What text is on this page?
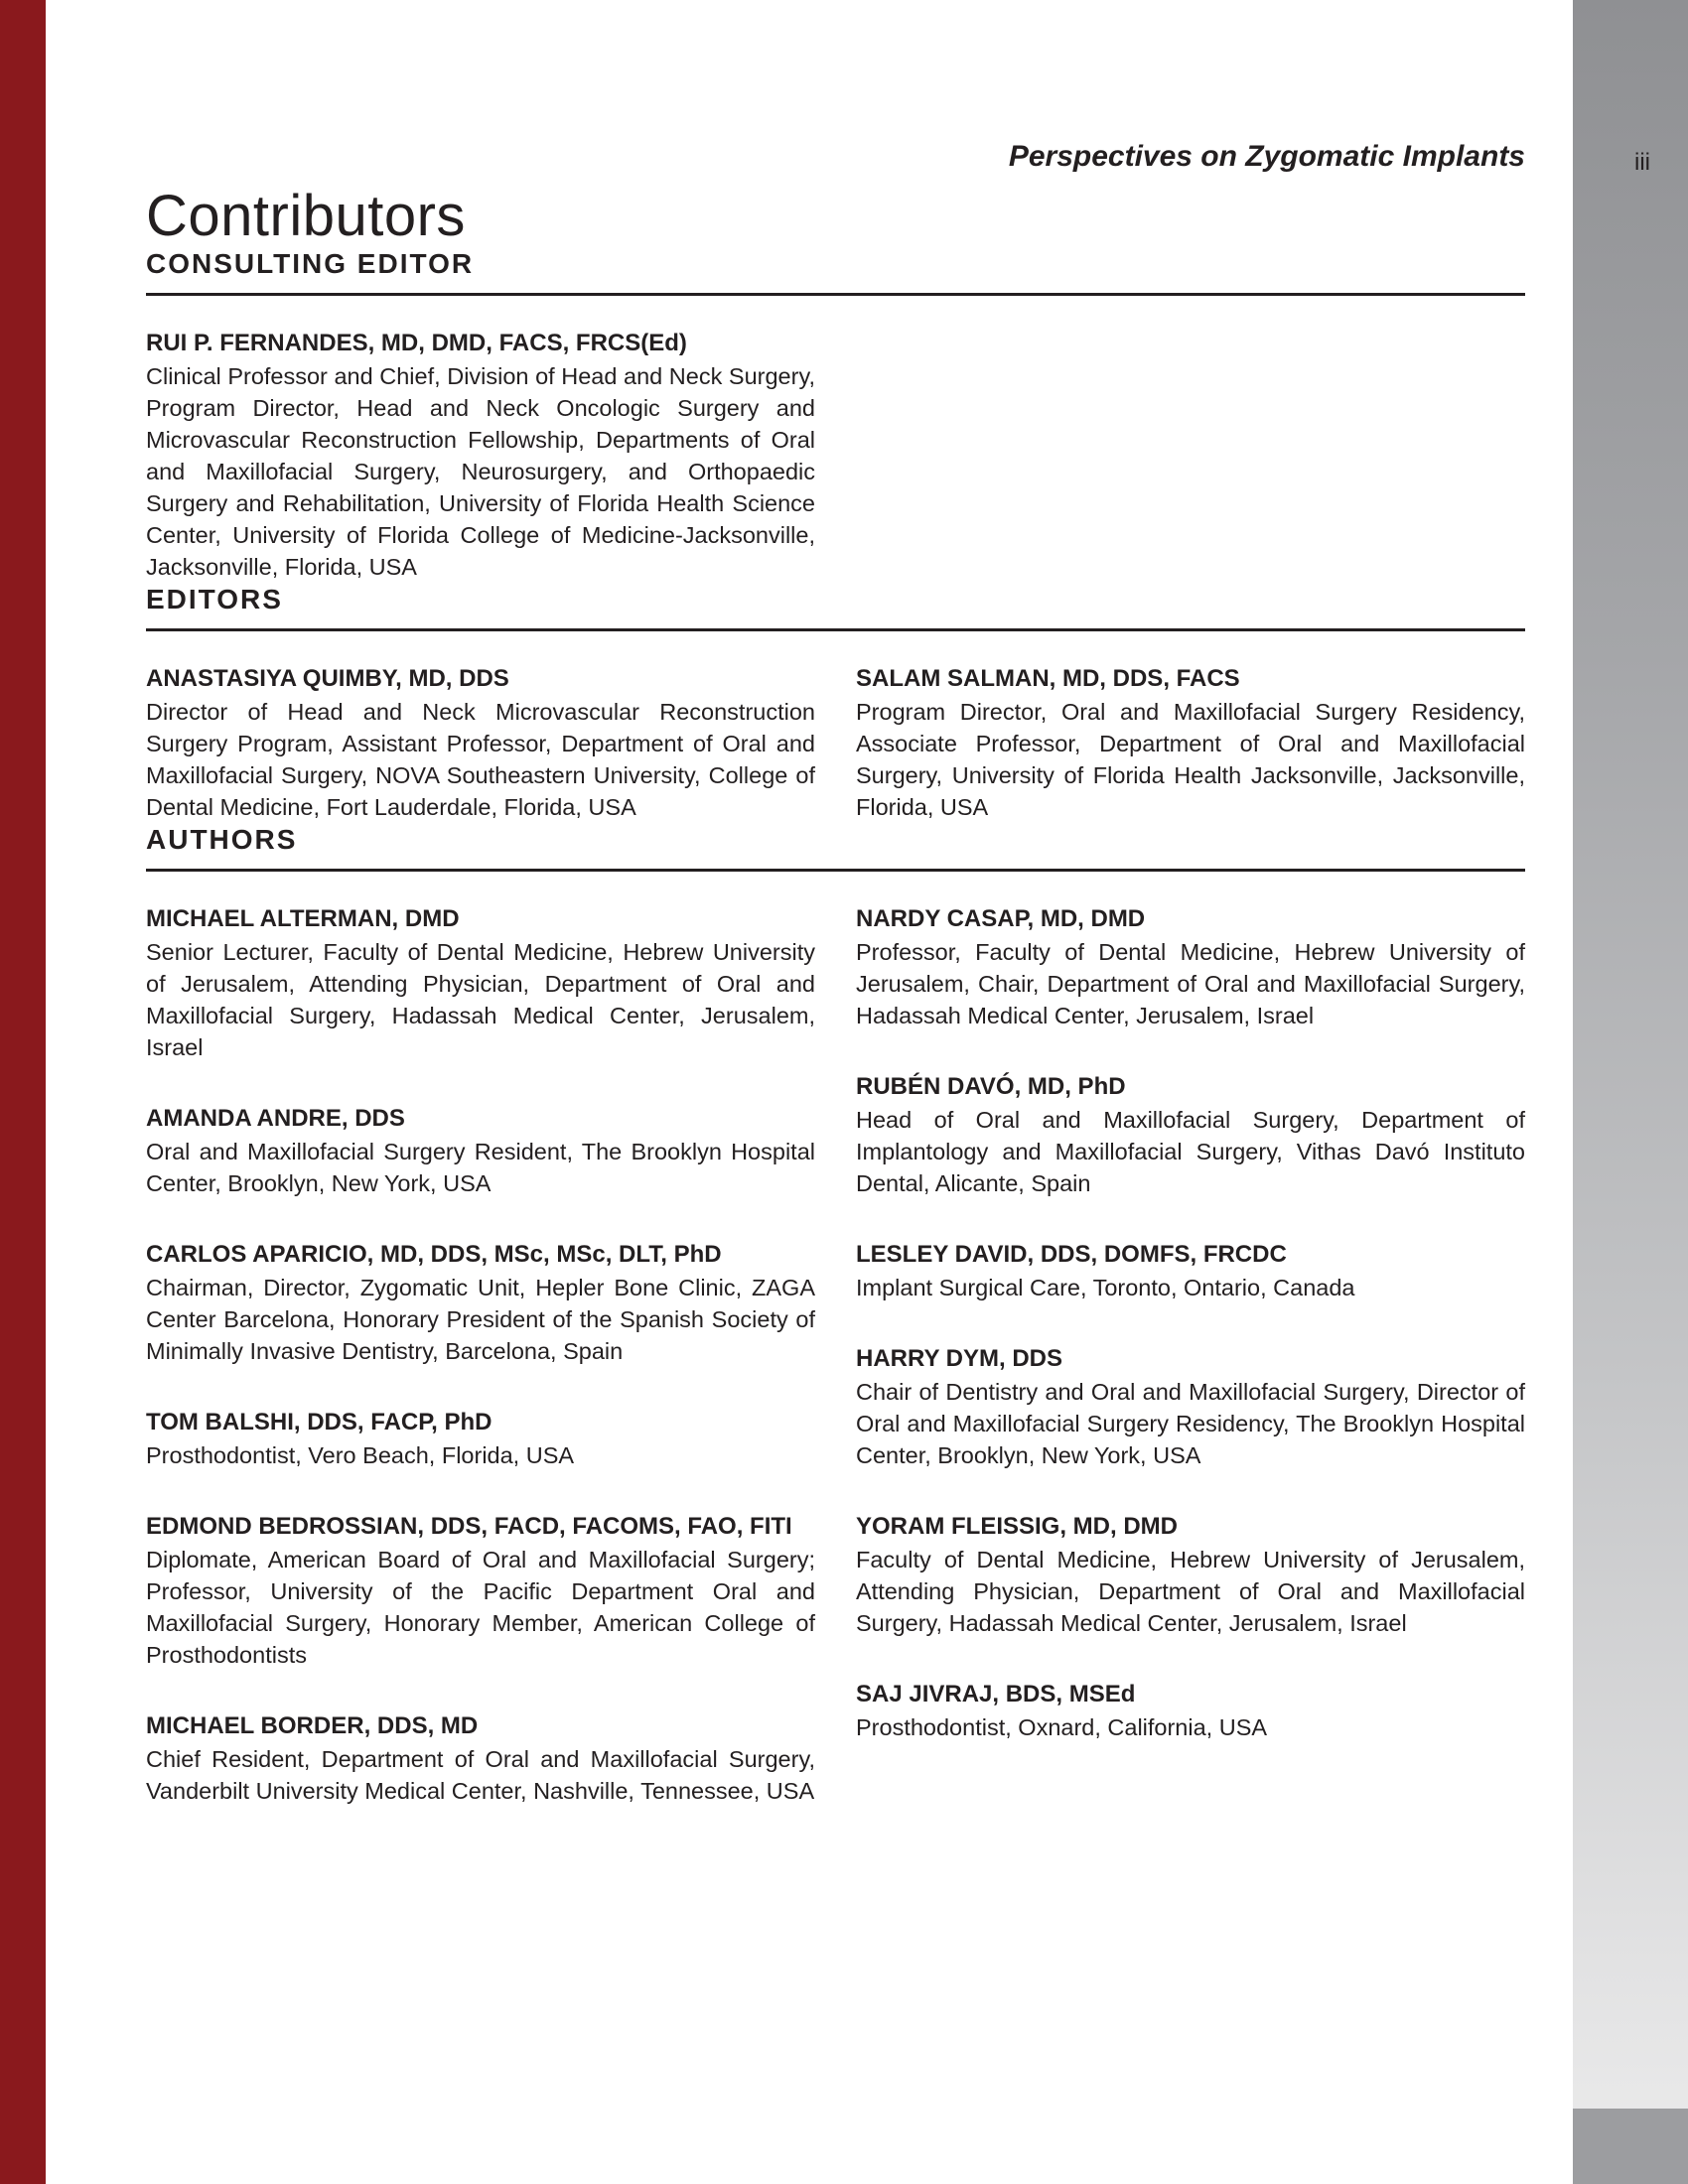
iii
Perspectives on Zygomatic Implants
Contributors
CONSULTING EDITOR
RUI P. FERNANDES, MD, DMD, FACS, FRCS(Ed)
Clinical Professor and Chief, Division of Head and Neck Surgery, Program Director, Head and Neck Oncologic Surgery and Microvascular Reconstruction Fellowship, Departments of Oral and Maxillofacial Surgery, Neurosurgery, and Orthopaedic Surgery and Rehabilitation, University of Florida Health Science Center, University of Florida College of Medicine-Jacksonville, Jacksonville, Florida, USA
EDITORS
ANASTASIYA QUIMBY, MD, DDS
Director of Head and Neck Microvascular Reconstruction Surgery Program, Assistant Professor, Department of Oral and Maxillofacial Surgery, NOVA Southeastern University, College of Dental Medicine, Fort Lauderdale, Florida, USA
SALAM SALMAN, MD, DDS, FACS
Program Director, Oral and Maxillofacial Surgery Residency, Associate Professor, Department of Oral and Maxillofacial Surgery, University of Florida Health Jacksonville, Jacksonville, Florida, USA
AUTHORS
MICHAEL ALTERMAN, DMD
Senior Lecturer, Faculty of Dental Medicine, Hebrew University of Jerusalem, Attending Physician, Department of Oral and Maxillofacial Surgery, Hadassah Medical Center, Jerusalem, Israel
AMANDA ANDRE, DDS
Oral and Maxillofacial Surgery Resident, The Brooklyn Hospital Center, Brooklyn, New York, USA
CARLOS APARICIO, MD, DDS, MSc, MSc, DLT, PhD
Chairman, Director, Zygomatic Unit, Hepler Bone Clinic, ZAGA Center Barcelona, Honorary President of the Spanish Society of Minimally Invasive Dentistry, Barcelona, Spain
TOM BALSHI, DDS, FACP, PhD
Prosthodontist, Vero Beach, Florida, USA
EDMOND BEDROSSIAN, DDS, FACD, FACOMS, FAO, FITI
Diplomate, American Board of Oral and Maxillofacial Surgery; Professor, University of the Pacific Department Oral and Maxillofacial Surgery, Honorary Member, American College of Prosthodontists
MICHAEL BORDER, DDS, MD
Chief Resident, Department of Oral and Maxillofacial Surgery, Vanderbilt University Medical Center, Nashville, Tennessee, USA
NARDY CASAP, MD, DMD
Professor, Faculty of Dental Medicine, Hebrew University of Jerusalem, Chair, Department of Oral and Maxillofacial Surgery, Hadassah Medical Center, Jerusalem, Israel
RUBÉN DAVÓ, MD, PhD
Head of Oral and Maxillofacial Surgery, Department of Implantology and Maxillofacial Surgery, Vithas Davó Instituto Dental, Alicante, Spain
LESLEY DAVID, DDS, DOMFS, FRCDC
Implant Surgical Care, Toronto, Ontario, Canada
HARRY DYM, DDS
Chair of Dentistry and Oral and Maxillofacial Surgery, Director of Oral and Maxillofacial Surgery Residency, The Brooklyn Hospital Center, Brooklyn, New York, USA
YORAM FLEISSIG, MD, DMD
Faculty of Dental Medicine, Hebrew University of Jerusalem, Attending Physician, Department of Oral and Maxillofacial Surgery, Hadassah Medical Center, Jerusalem, Israel
SAJ JIVRAJ, BDS, MSEd
Prosthodontist, Oxnard, California, USA
